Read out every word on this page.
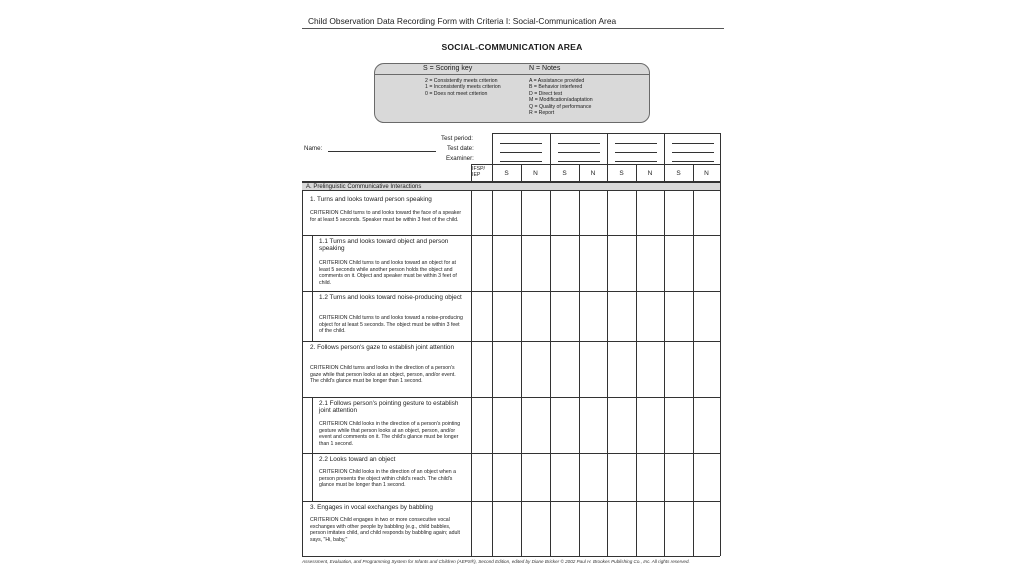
Child Observation Data Recording Form with Criteria I: Social-Communication Area
SOCIAL-COMMUNICATION AREA
S = Scoring key	N = Notes
2 = Consistently meets criterion
1 = Inconsistently meets criterion
0 = Does not meet criterion
A = Assistance provided
B = Behavior interfered
D = Direct test
M = Modification/adaptation
Q = Quality of performance
R = Report
Name:
Test period:
Test date:
Examiner:
IFSP/ IEP	S	N	S	N	S	N	S	N
A. Prelinguistic Communicative Interactions
1. Turns and looks toward person speaking
CRITERION Child turns to and looks toward the face of a speaker for at least 5 seconds. Speaker must be within 3 feet of the child.
1.1 Turns and looks toward object and person speaking
CRITERION Child turns to and looks toward an object for at least 5 seconds while another person holds the object and comments on it. Object and speaker must be within 3 feet of child.
1.2 Turns and looks toward noise-producing object
CRITERION Child turns to and looks toward a noise-producing object for at least 5 seconds. The object must be within 3 feet of the child.
2. Follows person's gaze to establish joint attention
CRITERION Child turns and looks in the direction of a person's gaze while that person looks at an object, person, and/or event. The child's glance must be longer than 1 second.
2.1 Follows person's pointing gesture to establish joint attention
CRITERION Child looks in the direction of a person's pointing gesture while that person looks at an object, person, and/or event and comments on it. The child's glance must be longer than 1 second.
2.2 Looks toward an object
CRITERION Child looks in the direction of an object when a person presents the object within child's reach. The child's glance must be longer than 1 second.
3. Engages in vocal exchanges by babbling
CRITERION Child engages in two or more consecutive vocal exchanges with other people by babbling (e.g., child babbles, person imitates child, and child responds by babbling again; adult says, "Hi, baby,"
Assessment, Evaluation, and Programming System for Infants and Children (AEPS®), Second Edition, edited by Diane Bricker © 2002 Paul H. Brookes Publishing Co., Inc. All rights reserved.
